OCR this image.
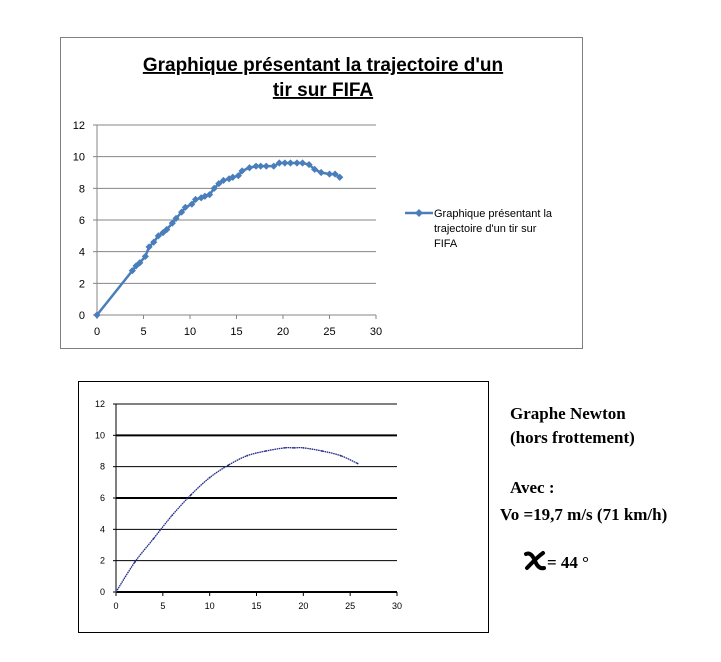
Graphique présentant la trajectoire d'un
tir sur FIFA
0
2
4
6
8
10
12
0	5	10	15	20	25	30
Graphique présentant la
trajectoire d'un tir sur
FIFA
0
2
4
6
8
10
12
0	5	10	15	20	25	30
Graphe Newton
(hors frottement)
Avec :
Vo =19,7 m/s (71 km/h)
= 44 °
